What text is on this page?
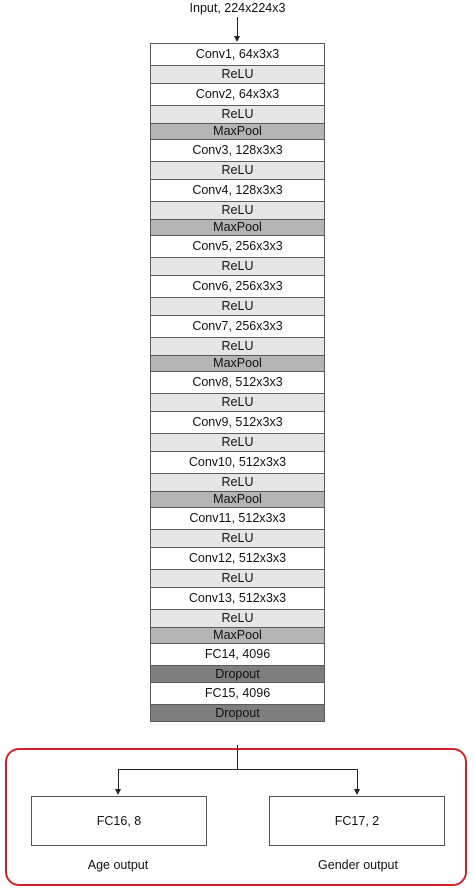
Input, 224x224x3
Conv1, 64x3x3
ReLU
Conv2, 64x3x3
ReLU
MaxPool
Conv3, 128x3x3
ReLU
Conv4, 128x3x3
ReLU
MaxPool
Conv5, 256x3x3
ReLU
Conv6, 256x3x3
ReLU
Conv7, 256x3x3
ReLU
MaxPool
Conv8, 512x3x3
ReLU
Conv9, 512x3x3
ReLU
Conv10, 512x3x3
ReLU
MaxPool
Conv11, 512x3x3
ReLU
Conv12, 512x3x3
ReLU
Conv13, 512x3x3
ReLU
MaxPool
FC14, 4096
Dropout
FC15, 4096
Dropout
FC16, 8	FC17, 2
Age output	Gender output
